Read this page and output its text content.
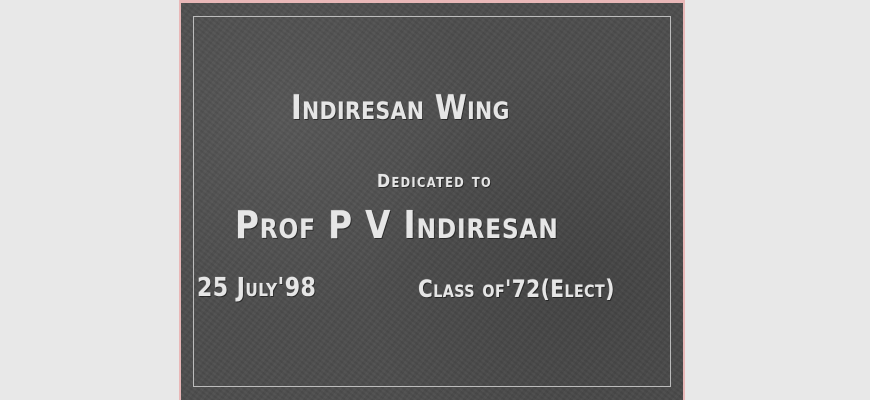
Indiresan Wing
Dedicated to
Prof P V Indiresan
25 July'98	Class of'72(Elect)
